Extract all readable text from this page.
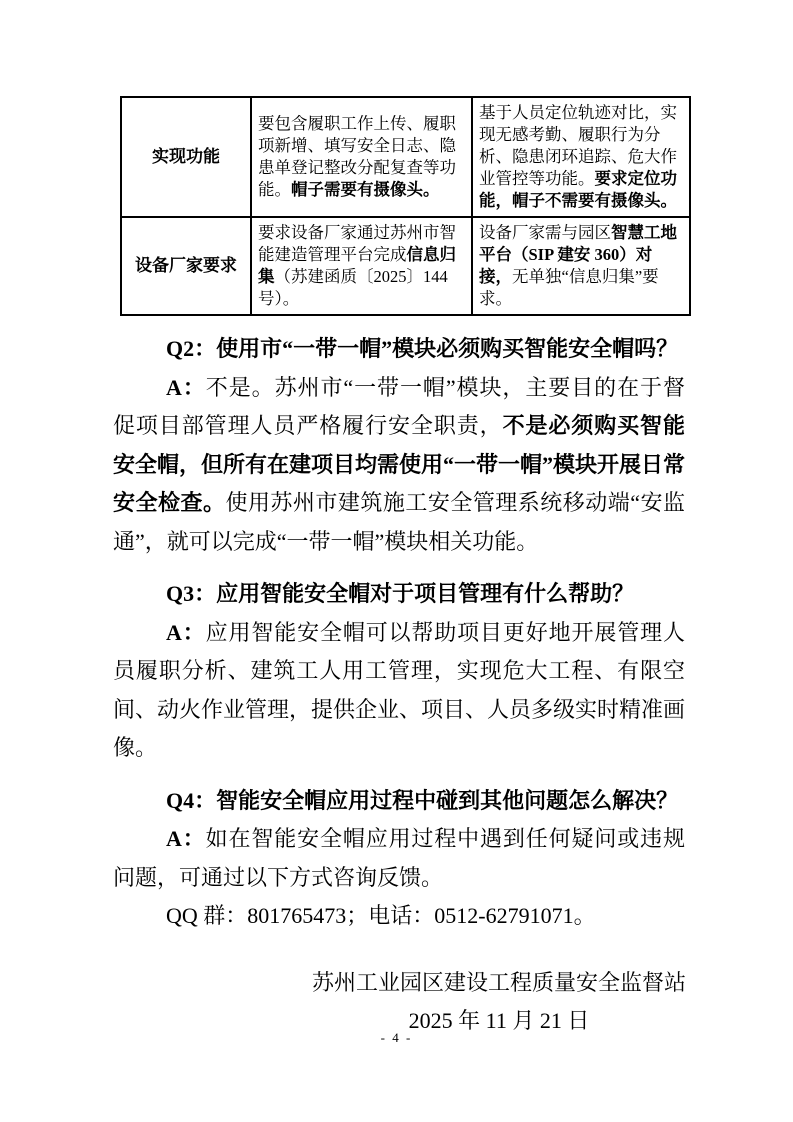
实现功能	要包含履职工作上传、履职项新增、填写安全日志、隐患单登记整改分配复查等功能。帽子需要有摄像头。	基于人员定位轨迹对比，实现无感考勤、履职行为分析、隐患闭环追踪、危大作业管控等功能。要求定位功能，帽子不需要有摄像头。
设备厂家要求	要求设备厂家通过苏州市智能建造管理平台完成信息归集（苏建函质〔2025〕144 号）。	设备厂家需与园区智慧工地平台（SIP 建安 360）对接，无单独“信息归集”要求。

Q2：使用市“一带一帽”模块必须购买智能安全帽吗？

A：不是。苏州市“一带一帽”模块，主要目的在于督促项目部管理人员严格履行安全职责，不是必须购买智能安全帽，但所有在建项目均需使用“一带一帽”模块开展日常安全检查。使用苏州市建筑施工安全管理系统移动端“安监通”，就可以完成“一带一帽”模块相关功能。

Q3：应用智能安全帽对于项目管理有什么帮助？

A：应用智能安全帽可以帮助项目更好地开展管理人员履职分析、建筑工人用工管理，实现危大工程、有限空间、动火作业管理，提供企业、项目、人员多级实时精准画像。

Q4：智能安全帽应用过程中碰到其他问题怎么解决？

A：如在智能安全帽应用过程中遇到任何疑问或违规问题，可通过以下方式咨询反馈。

QQ 群：801765473；电话：0512-62791071。

苏州工业园区建设工程质量安全监督站
2025 年 11 月 21 日
- 4 -
